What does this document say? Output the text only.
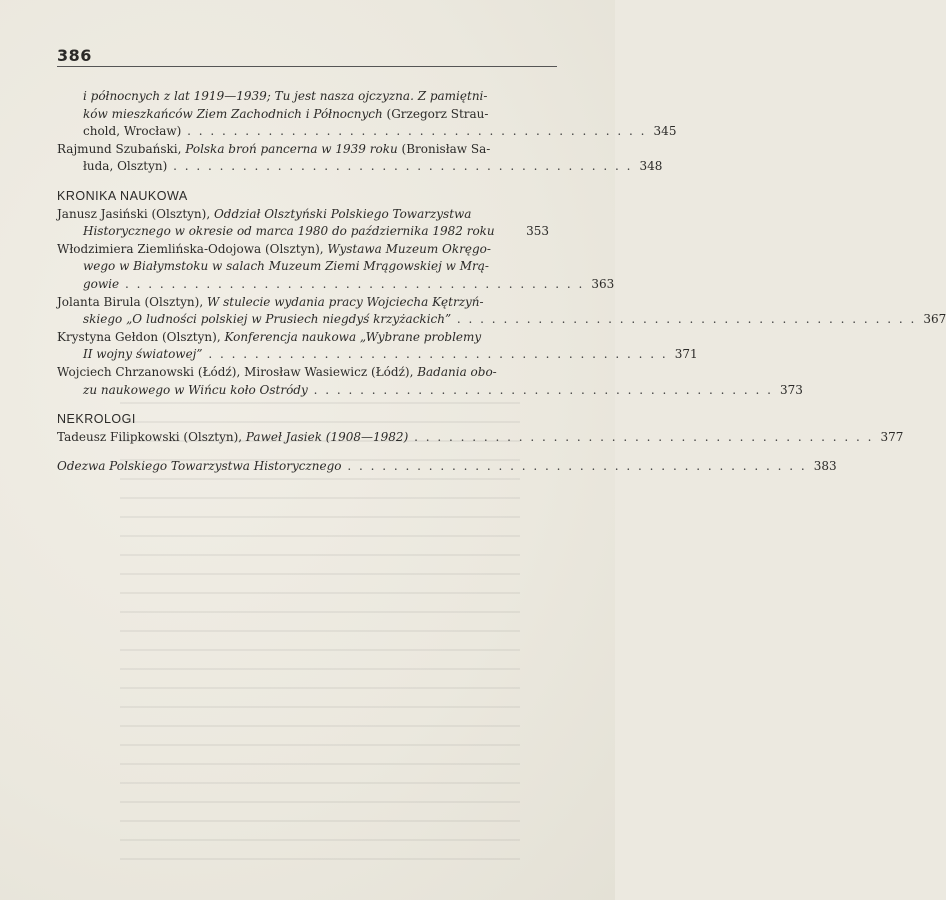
386
i północnych z lat 1919—1939; Tu jest nasza ojczyzna. Z pamiętni-
ków mieszkańców Ziem Zachodnich i Północnych (Grzegorz Strau-
chold, Wrocław) . . . . . . . . . . . . . . . . . . . . . . . . . . . . . . . . . . . . . . . . 345
Rajmund Szubański, Polska broń pancerna w 1939 roku (Bronisław Sa-
łuda, Olsztyn) . . . . . . . . . . . . . . . . . . . . . . . . . . . . . . . . . . . . . . . . 348
KRONIKA NAUKOWA
Janusz Jasiński (Olsztyn), Oddział Olsztyński Polskiego Towarzystwa
Historycznego w okresie od marca 1980 do października 1982 roku	353
Włodzimiera Ziemlińska-Odojowa (Olsztyn), Wystawa Muzeum Okręgo-
wego w Białymstoku w salach Muzeum Ziemi Mrągowskiej w Mrą-
gowie . . . . . . . . . . . . . . . . . . . . . . . . . . . . . . . . . . . . . . . . 363
Jolanta Birula (Olsztyn), W stulecie wydania pracy Wojciecha Kętrzyń-
skiego „O ludności polskiej w Prusiech niegdyś krzyżackich” . . . . . . . . . . . . . . . . . . . . . . . . . . . . . . . . . . . . . . . . 367
Krystyna Gełdon (Olsztyn), Konferencja naukowa „Wybrane problemy
II wojny światowej” . . . . . . . . . . . . . . . . . . . . . . . . . . . . . . . . . . . . . . . . 371
Wojciech Chrzanowski (Łódź), Mirosław Wasiewicz (Łódź), Badania obo-
zu naukowego w Wińcu koło Ostródy . . . . . . . . . . . . . . . . . . . . . . . . . . . . . . . . . . . . . . . . 373
NEKROLOGI
Tadeusz Filipkowski (Olsztyn), Paweł Jasiek (1908—1982) . . . . . . . . . . . . . . . . . . . . . . . . . . . . . . . . . . . . . . . . 377
Odezwa Polskiego Towarzystwa Historycznego . . . . . . . . . . . . . . . . . . . . . . . . . . . . . . . . . . . . . . . . 383
